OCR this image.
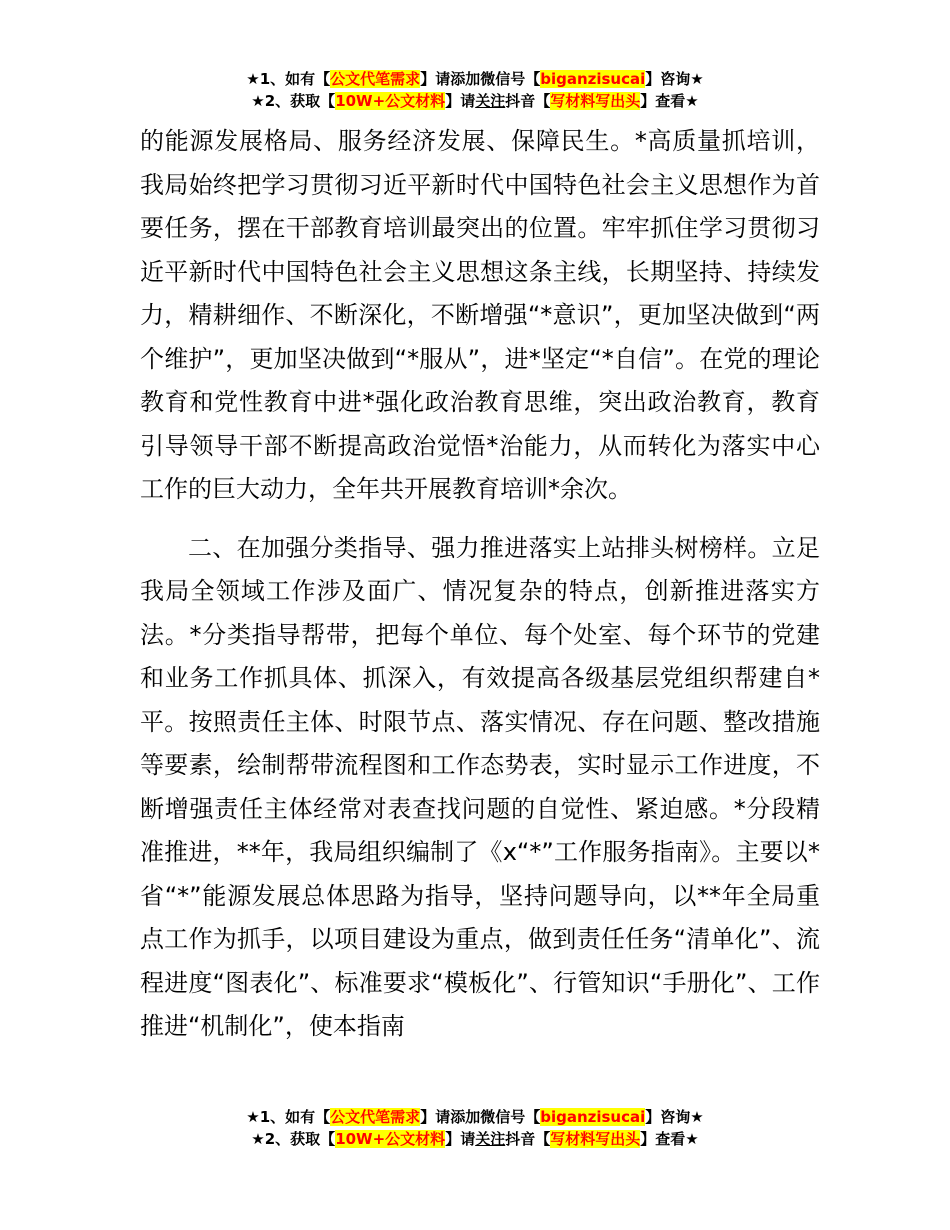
★1、如有【公文代笔需求】请添加微信号【biganzisucai】咨询★
★2、获取【10W+公文材料】请关注抖音【写材料写出头】查看★

的能源发展格局、服务经济发展、保障民生。*高质量抓培训，我局始终把学习贯彻习近平新时代中国特色社会主义思想作为首要任务，摆在干部教育培训最突出的位置。牢牢抓住学习贯彻习近平新时代中国特色社会主义思想这条主线，长期坚持、持续发力，精耕细作、不断深化，不断增强“*意识”，更加坚决做到“两个维护”，更加坚决做到“*服从”，进*坚定“*自信”。在党的理论教育和党性教育中进*强化政治教育思维，突出政治教育，教育引导领导干部不断提高政治觉悟*治能力，从而转化为落实中心工作的巨大动力，全年共开展教育培训*余次。

二、在加强分类指导、强力推进落实上站排头树榜样。立足我局全领域工作涉及面广、情况复杂的特点，创新推进落实方法。*分类指导帮带，把每个单位、每个处室、每个环节的党建和业务工作抓具体、抓深入，有效提高各级基层党组织帮建自*平。按照责任主体、时限节点、落实情况、存在问题、整改措施等要素，绘制帮带流程图和工作态势表，实时显示工作进度，不断增强责任主体经常对表查找问题的自觉性、紧迫感。*分段精准推进，**年，我局组织编制了《x“*”工作服务指南》。主要以*省“*”能源发展总体思路为指导，坚持问题导向，以**年全局重点工作为抓手，以项目建设为重点，做到责任任务“清单化”、流程进度“图表化”、标准要求“模板化”、行管知识“手册化”、工作推进“机制化”，使本指南

★1、如有【公文代笔需求】请添加微信号【biganzisucai】咨询★
★2、获取【10W+公文材料】请关注抖音【写材料写出头】查看★
